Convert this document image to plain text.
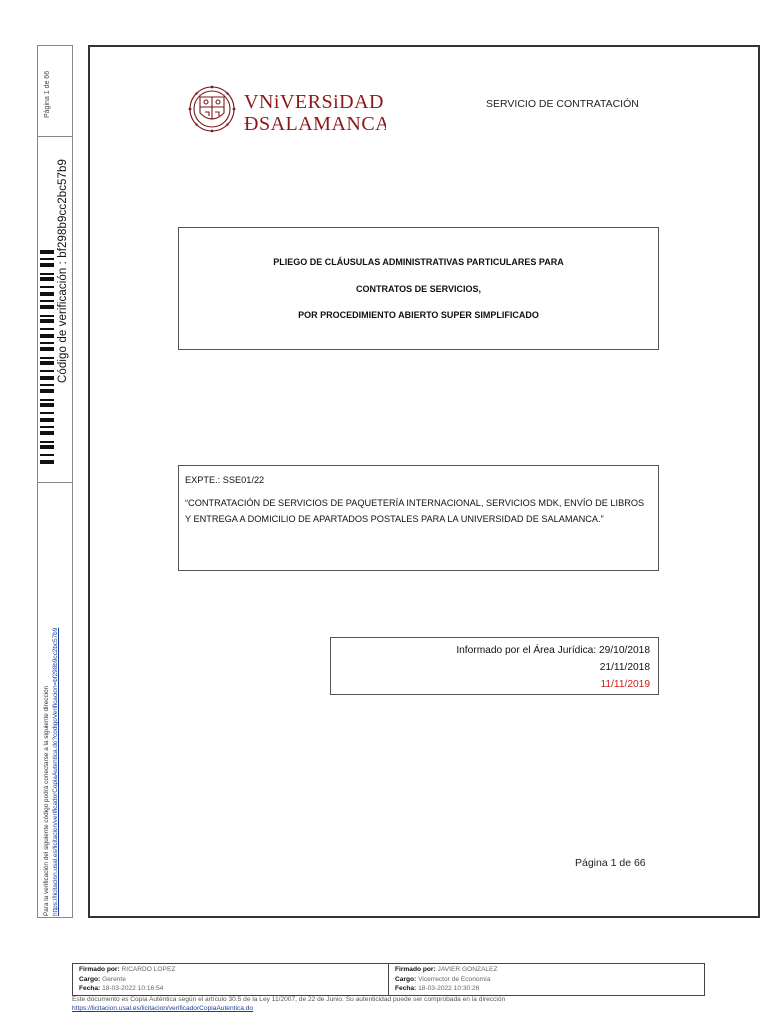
Página 1 de 66
Código de verificación : bf298b9cc2bc57b9
Para la verificación del siguiente código podrá conectarse a la siguiente dirección https://licitacion.usal.es/licitacion/verificadorCopiaAutentica.do?codigoVerificacion=bf298b9cc2bc57b9
VNiVERSiDAD
ÐSALAMANCA
SERVICIO DE CONTRATACIÓN
PLIEGO DE CLÁUSULAS ADMINISTRATIVAS PARTICULARES PARA
CONTRATOS DE SERVICIOS,
POR PROCEDIMIENTO ABIERTO SUPER SIMPLIFICADO

EXPTE.: SSE01/22

“CONTRATACIÓN DE SERVICIOS DE PAQUETERÍA INTERNACIONAL, SERVICIOS MDK, ENVÍO DE LIBROS Y ENTREGA A DOMICILIO DE APARTADOS POSTALES PARA LA UNIVERSIDAD DE SALAMANCA.”

Informado por el Área Jurídica: 29/10/2018
21/11/2018
11/11/2019
Página 1 de 66
Firmado por: RICARDO LOPEZ
Cargo: Gerente
Fecha: 18-03-2022 10:16:54
Firmado por: JAVIER GONZALEZ
Cargo: Vicerrector de Economía
Fecha: 18-03-2022 10:30:26
Este documento es Copia Auténtica según el artículo 30.5 de la Ley 11/2007, de 22 de Junio. Su autenticidad puede ser comprobada en la dirección
https://licitacion.usal.es/licitacion/verificadorCopiaAutentica.do
